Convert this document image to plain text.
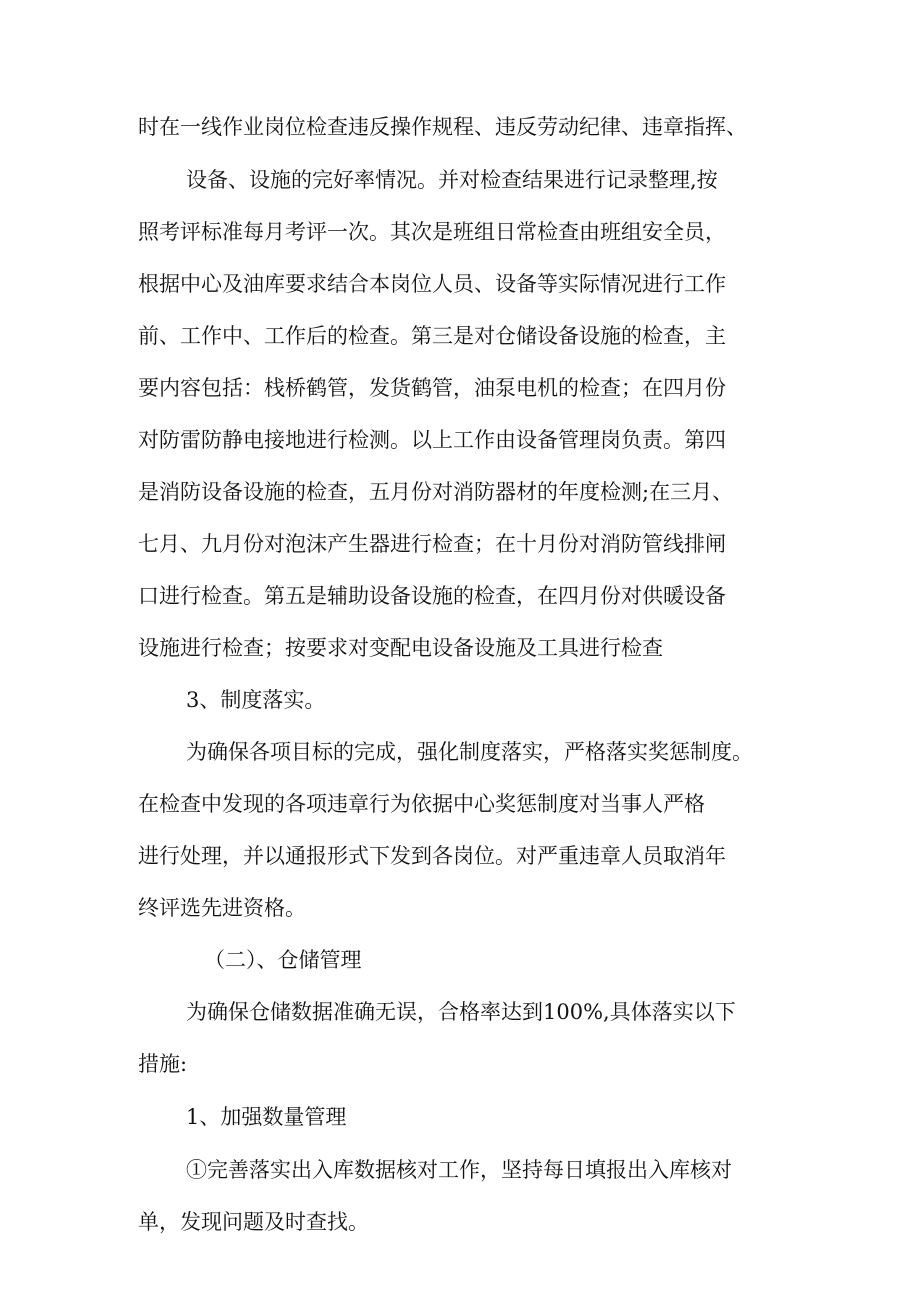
时在一线作业岗位检查违反操作规程、违反劳动纪律、违章指挥、

设备、设施的完好率情况。并对检查结果进行记录整理,按

照考评标准每月考评一次。其次是班组日常检查由班组安全员，

根据中心及油库要求结合本岗位人员、设备等实际情况进行工作

前、工作中、工作后的检查。第三是对仓储设备设施的检查，主

要内容包括：栈桥鹤管，发货鹤管，油泵电机的检查；在四月份

对防雷防静电接地进行检测。以上工作由设备管理岗负责。第四

是消防设备设施的检查，五月份对消防器材的年度检测;在三月、

七月、九月份对泡沫产生器进行检查；在十月份对消防管线排闸

口进行检查。第五是辅助设备设施的检查，在四月份对供暖设备

设施进行检查；按要求对变配电设备设施及工具进行检查

3、制度落实。

为确保各项目标的完成，强化制度落实，严格落实奖惩制度。

在检查中发现的各项违章行为依据中心奖惩制度对当事人严格

进行处理，并以通报形式下发到各岗位。对严重违章人员取消年

终评选先进资格。

（二）、仓储管理

为确保仓储数据准确无误，合格率达到100%,具体落实以下

措施:

1、加强数量管理

①完善落实出入库数据核对工作，坚持每日填报出入库核对

单，发现问题及时查找。
